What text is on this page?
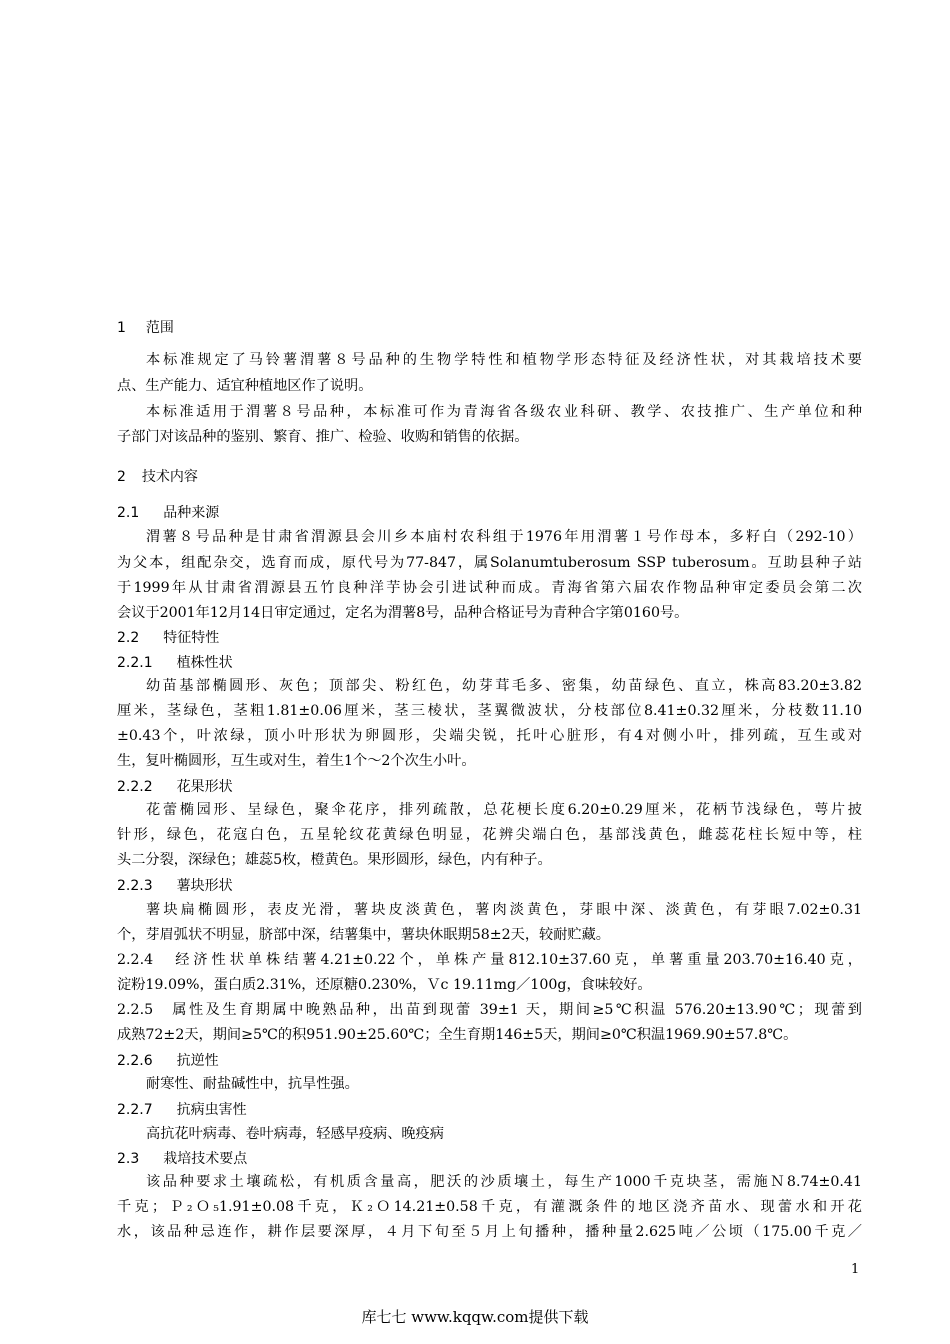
1 范围
本标准规定了马铃薯渭薯８号品种的生物学特性和植物学形态特征及经济性状，对其栽培技术要
点、生产能力、适宜种植地区作了说明。
本标准适用于渭薯８号品种，本标准可作为青海省各级农业科研、教学、农技推广、生产单位和种
子部门对该品种的鉴别、繁育、推广、检验、收购和销售的依据。
2 技术内容
2.1 品种来源
渭薯８号品种是甘肃省渭源县会川乡本庙村农科组于1976年用渭薯１号作母本，多籽白（292-10）
为父本，组配杂交，选育而成，原代号为77-847，属Solanumtuberosum SSP tuberosum。互助县种子站
于1999年从甘肃省渭源县五竹良种洋芋协会引进试种而成。青海省第六届农作物品种审定委员会第二次
会议于2001年12月14日审定通过，定名为渭薯8号，品种合格证号为青种合字第0160号。
2.2 特征特性
2.2.1 植株性状
幼苗基部椭圆形、灰色；顶部尖、粉红色，幼芽茸毛多、密集，幼苗绿色、直立，株高83.20±3.82
厘米，茎绿色，茎粗1.81±0.06厘米，茎三棱状，茎翼微波状，分枝部位8.41±0.32厘米，分枝数11.10
±0.43个，叶浓绿，顶小叶形状为卵圆形，尖端尖锐，托叶心脏形，有4对侧小叶，排列疏，互生或对
生，复叶椭圆形，互生或对生，着生1个～2个次生小叶。
2.2.2 花果形状
花蕾椭园形、呈绿色，聚伞花序，排列疏散，总花梗长度6.20±0.29厘米，花柄节浅绿色，萼片披
针形，绿色，花寇白色，五星轮纹花黄绿色明显，花辨尖端白色，基部浅黄色，雌蕊花柱长短中等，柱
头二分裂，深绿色；雄蕊5枚，橙黄色。果形圆形，绿色，内有种子。
2.2.3 薯块形状
薯块扁椭圆形，表皮光滑，薯块皮淡黄色，薯肉淡黄色，芽眼中深、淡黄色，有芽眼7.02±0.31
个，芽眉弧状不明显，脐部中深，结薯集中，薯块休眠期58±2天，较耐贮藏。
2.2.4　经济性状单株结薯4.21±0.22个，单株产量812.10±37.60克，单薯重量203.70±16.40克，
淀粉19.09%，蛋白质2.31%，还原糖0.230%，Ｖc 19.11mg／100g，食味较好。
2.2.5　属性及生育期属中晚熟品种，出苗到现蕾 39±1 天，期间≥5℃积温 576.20±13.90℃；现蕾到
成熟72±2天，期间≥5℃的积951.90±25.60℃；全生育期146±5天，期间≥0℃积温1969.90±57.8℃。
2.2.6 抗逆性
耐寒性、耐盐碱性中，抗旱性强。
2.2.7 抗病虫害性
高抗花叶病毒、卷叶病毒，轻感早疫病、晚疫病
2.3 栽培技术要点
该品种要求土壤疏松，有机质含量高，肥沃的沙质壤土，每生产1000千克块茎，需施Ｎ8.74±0.41
千克；Ｐ₂Ｏ₅1.91±0.08千克，Ｋ₂Ｏ14.21±0.58千克，有灌溉条件的地区浇齐苗水、现蕾水和开花
水，该品种忌连作，耕作层要深厚，４月下旬至５月上旬播种，播种量2.625吨／公顷（175.00千克／
1
库七七 www.kqqw.com提供下载
